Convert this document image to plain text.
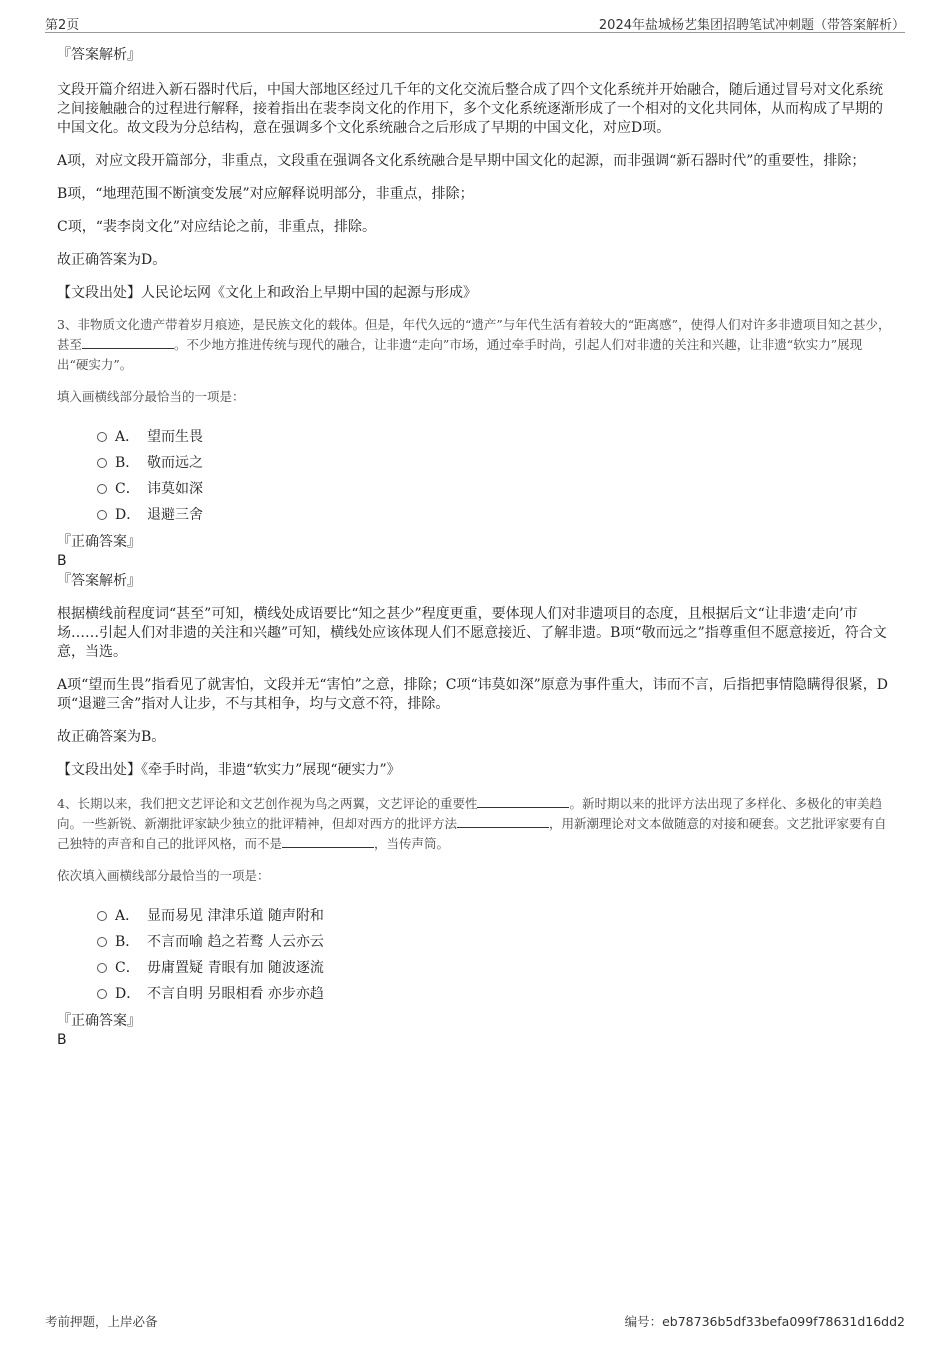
第2页	2024年盐城杨艺集团招聘笔试冲刺题（带答案解析）

『答案解析』

文段开篇介绍进入新石器时代后，中国大部地区经过几千年的文化交流后整合成了四个文化系统并开始融合，随后通过冒号对文化系统之间接触融合的过程进行解释，接着指出在裴李岗文化的作用下，多个文化系统逐渐形成了一个相对的文化共同体，从而构成了早期的中国文化。故文段为分总结构，意在强调多个文化系统融合之后形成了早期的中国文化，对应D项。

A项，对应文段开篇部分，非重点，文段重在强调各文化系统融合是早期中国文化的起源，而非强调“新石器时代”的重要性，排除；

B项，“地理范围不断演变发展”对应解释说明部分，非重点，排除；

C项，“裴李岗文化”对应结论之前，非重点，排除。

故正确答案为D。

【文段出处】人民论坛网《文化上和政治上早期中国的起源与形成》

3、非物质文化遗产带着岁月痕迹，是民族文化的载体。但是，年代久远的“遗产”与年代生活有着较大的“距离感”，使得人们对许多非遗项目知之甚少，甚至	。不少地方推进传统与现代的融合，让非遗“走向”市场，通过牵手时尚，引起人们对非遗的关注和兴趣，让非遗“软实力”展现出“硬实力”。

填入画横线部分最恰当的一项是：

A． 望而生畏
B． 敬而远之
C． 讳莫如深
D． 退避三舍

『正确答案』

B

『答案解析』

根据横线前程度词“甚至”可知，横线处成语要比“知之甚少”程度更重，要体现人们对非遗项目的态度，且根据后文“让非遗‘走向’市场……引起人们对非遗的关注和兴趣”可知，横线处应该体现人们不愿意接近、了解非遗。B项“敬而远之”指尊重但不愿意接近，符合文意，当选。

A项“望而生畏”指看见了就害怕，文段并无“害怕”之意，排除；C项“讳莫如深”原意为事件重大，讳而不言，后指把事情隐瞒得很紧，D项“退避三舍”指对人让步，不与其相争，均与文意不符，排除。

故正确答案为B。

【文段出处】《牵手时尚，非遗“软实力”展现“硬实力”》

4、长期以来，我们把文艺评论和文艺创作视为鸟之两翼，文艺评论的重要性	。新时期以来的批评方法出现了多样化、多极化的审美趋向。一些新锐、新潮批评家缺少独立的批评精神，但却对西方的批评方法	，用新潮理论对文本做随意的对接和硬套。文艺批评家要有自己独特的声音和自己的批评风格，而不是	，当传声筒。

依次填入画横线部分最恰当的一项是：

A． 显而易见 津津乐道 随声附和
B． 不言而喻 趋之若鹜 人云亦云
C． 毋庸置疑 青眼有加 随波逐流
D． 不言自明 另眼相看 亦步亦趋

『正确答案』

B

考前押题，上岸必备	编号：eb78736b5df33befa099f78631d16dd2
